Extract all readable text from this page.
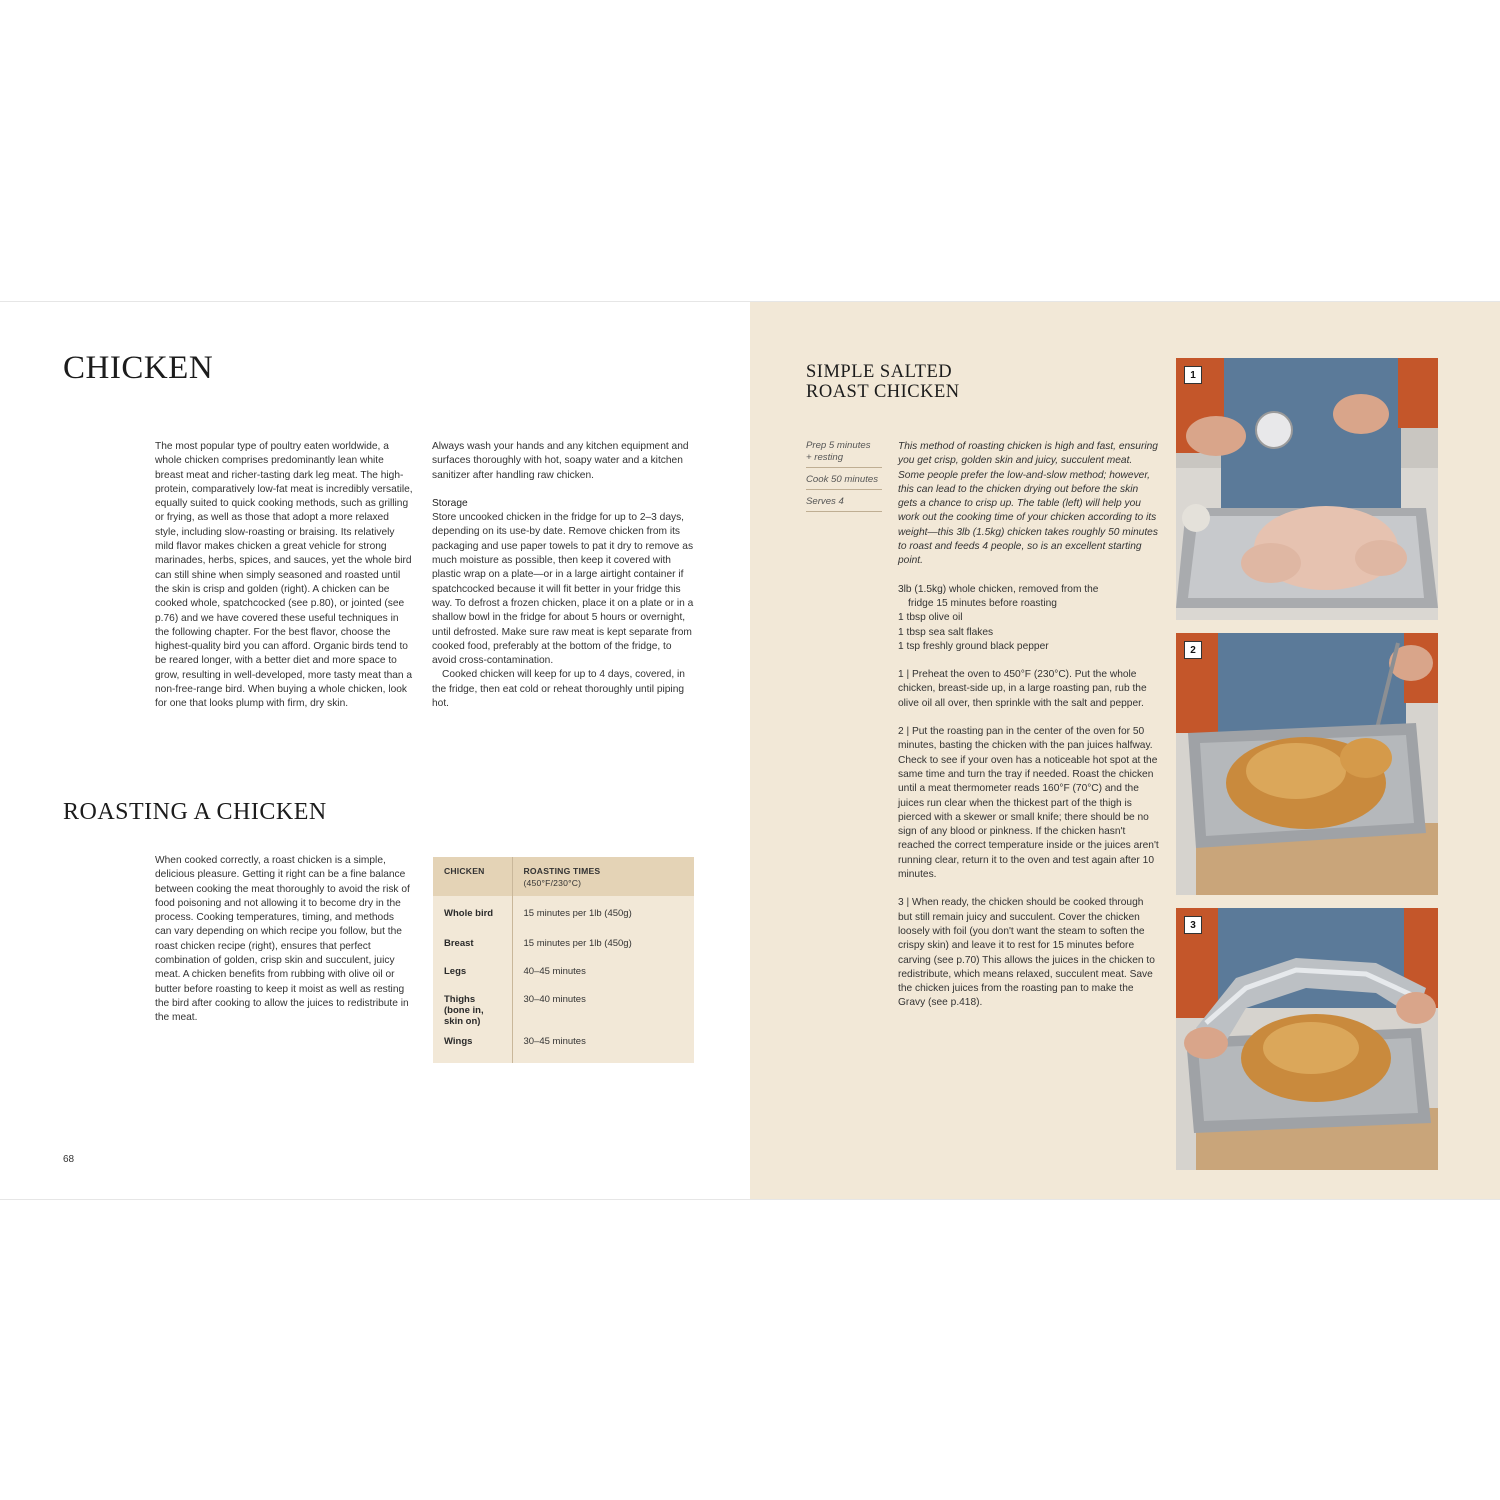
CHICKEN

The most popular type of poultry eaten worldwide, a whole chicken comprises predominantly lean white breast meat and richer-tasting dark leg meat. The high-protein, comparatively low-fat meat is incredibly versatile, equally suited to quick cooking methods, such as grilling or frying, as well as those that adopt a more relaxed style, including slow-roasting or braising. Its relatively mild flavor makes chicken a great vehicle for strong marinades, herbs, spices, and sauces, yet the whole bird can still shine when simply seasoned and roasted until the skin is crisp and golden (right). A chicken can be cooked whole, spatchcocked (see p.80), or jointed (see p.76) and we have covered these useful techniques in the following chapter. For the best flavor, choose the highest-quality bird you can afford. Organic birds tend to be reared longer, with a better diet and more space to grow, resulting in well-developed, more tasty meat than a non-free-range bird. When buying a whole chicken, look for one that looks plump with firm, dry skin.

Always wash your hands and any kitchen equipment and surfaces thoroughly with hot, soapy water and a kitchen sanitizer after handling raw chicken.

Storage

Store uncooked chicken in the fridge for up to 2–3 days, depending on its use-by date. Remove chicken from its packaging and use paper towels to pat it dry to remove as much moisture as possible, then keep it covered with plastic wrap on a plate—or in a large airtight container if spatchcocked because it will fit better in your fridge this way. To defrost a frozen chicken, place it on a plate or in a shallow bowl in the fridge for about 5 hours or overnight, until defrosted. Make sure raw meat is kept separate from cooked food, preferably at the bottom of the fridge, to avoid cross-contamination.

Cooked chicken will keep for up to 4 days, covered, in the fridge, then eat cold or reheat thoroughly until piping hot.

ROASTING A CHICKEN

When cooked correctly, a roast chicken is a simple, delicious pleasure. Getting it right can be a fine balance between cooking the meat thoroughly to avoid the risk of food poisoning and not allowing it to become dry in the process. Cooking temperatures, timing, and methods can vary depending on which recipe you follow, but the roast chicken recipe (right), ensures that perfect combination of golden, crisp skin and succulent, juicy meat. A chicken benefits from rubbing with olive oil or butter before roasting to keep it moist as well as resting the bird after cooking to allow the juices to redistribute in the meat.

CHICKEN	ROASTING TIMES
(450°F/230°C)

Whole bird	15 minutes per 1lb (450g)
Breast	15 minutes per 1lb (450g)
Legs	40–45 minutes

Thighs
(bone in, skin on)	30–40 minutes
Wings	30–45 minutes
68
SIMPLE SALTED
ROAST CHICKEN
Prep 5 minutes
+ resting
Cook 50 minutes
Serves 4

This method of roasting chicken is high and fast, ensuring you get crisp, golden skin and juicy, succulent meat. Some people prefer the low-and-slow method; however, this can lead to the chicken drying out before the skin gets a chance to crisp up. The table (left) will help you work out the cooking time of your chicken according to its weight—this 3lb (1.5kg) chicken takes roughly 50 minutes to roast and feeds 4 people, so is an excellent starting point.

3lb (1.5kg) whole chicken, removed from the

fridge 15 minutes before roasting

1 tbsp olive oil

1 tbsp sea salt flakes

1 tsp freshly ground black pepper

1 | Preheat the oven to 450°F (230°C). Put the whole chicken, breast-side up, in a large roasting pan, rub the olive oil all over, then sprinkle with the salt and pepper.

2 | Put the roasting pan in the center of the oven for 50 minutes, basting the chicken with the pan juices halfway. Check to see if your oven has a noticeable hot spot at the same time and turn the tray if needed. Roast the chicken until a meat thermometer reads 160°F (70°C) and the juices run clear when the thickest part of the thigh is pierced with a skewer or small knife; there should be no sign of any blood or pinkness. If the chicken hasn't reached the correct temperature inside or the juices aren't running clear, return it to the oven and test again after 10 minutes.

3 | When ready, the chicken should be cooked through but still remain juicy and succulent. Cover the chicken loosely with foil (you don't want the steam to soften the crispy skin) and leave it to rest for 15 minutes before carving (see p.70) This allows the juices in the chicken to redistribute, which means relaxed, succulent meat. Save the chicken juices from the roasting pan to make the Gravy (see p.418).

1
2
3
